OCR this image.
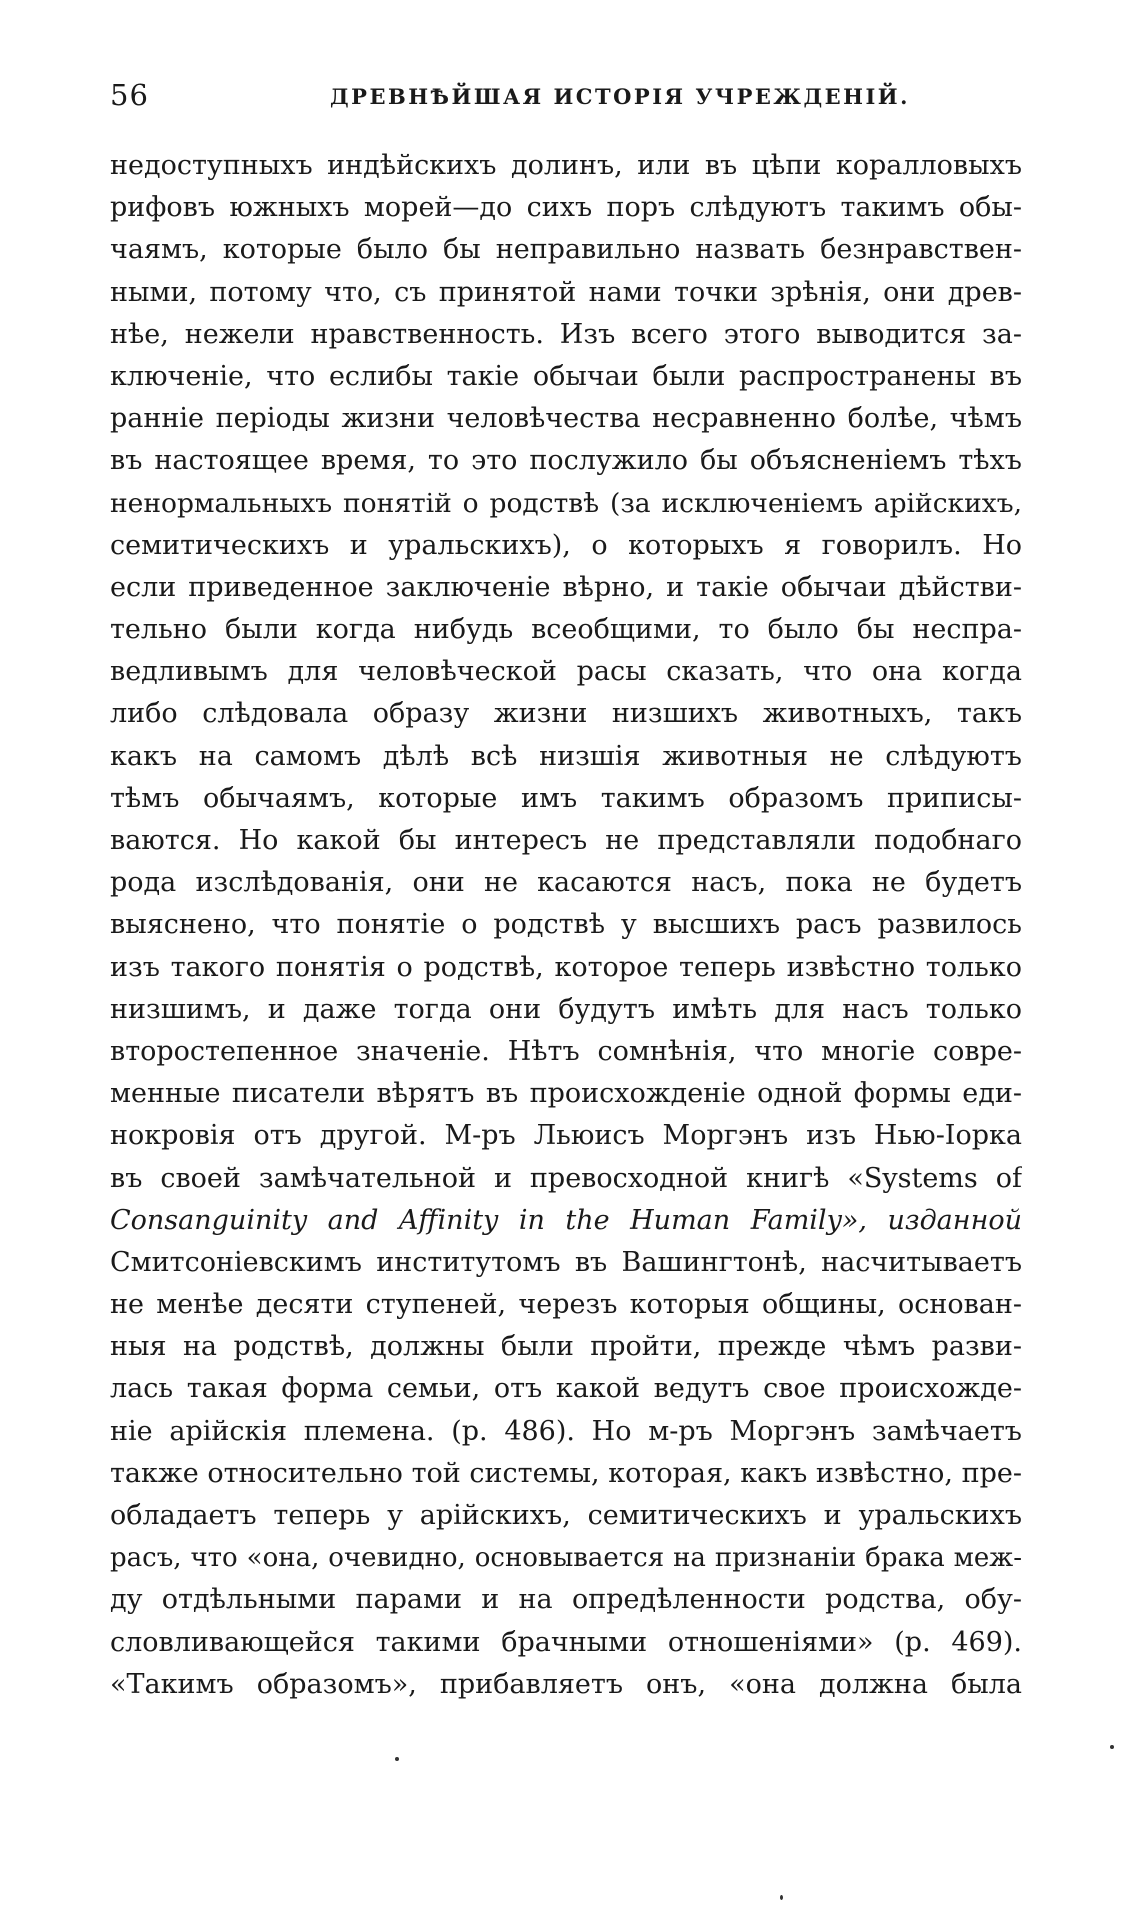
56	ДРЕВНѢЙШАЯ ИСТОРІЯ УЧРЕЖДЕНІЙ.
недоступныхъ индѣйскихъ долинъ, или въ цѣпи коралловыхъ
рифовъ южныхъ морей—до сихъ поръ слѣдуютъ такимъ обы-
чаямъ, которые было бы неправильно назвать безнравствен-
ными, потому что, съ принятой нами точки зрѣнія, они древ-
нѣе, нежели нравственность. Изъ всего этого выводится за-
ключеніе, что еслибы такіе обычаи были распространены въ
ранніе періоды жизни человѣчества несравненно болѣе, чѣмъ
въ настоящее время, то это послужило бы объясненіемъ тѣхъ
ненормальныхъ понятій о родствѣ (за исключеніемъ арійскихъ,
семитическихъ и уральскихъ), о которыхъ я говорилъ. Но
если приведенное заключеніе вѣрно, и такіе обычаи дѣйстви-
тельно были когда нибудь всеобщими, то было бы неспра-
ведливымъ для человѣческой расы сказать, что она когда
либо слѣдовала образу жизни низшихъ животныхъ, такъ
какъ на самомъ дѣлѣ всѣ низшія животныя не слѣдуютъ
тѣмъ обычаямъ, которые имъ такимъ образомъ приписы-
ваются. Но какой бы интересъ не представляли подобнаго
рода изслѣдованія, они не касаются насъ, пока не будетъ
выяснено, что понятіе о родствѣ у высшихъ расъ развилось
изъ такого понятія о родствѣ, которое теперь извѣстно только
низшимъ, и даже тогда они будутъ имѣть для насъ только
второстепенное значеніе. Нѣтъ сомнѣнія, что многіе совре-
менные писатели вѣрятъ въ происхожденіе одной формы еди-
нокровія отъ другой. М-ръ Льюисъ Моргэнъ изъ Нью-Іорка
въ своей замѣчательной и превосходной книгѣ «Systems of
Consanguinity and Affinity in the Human Family», изданной
Смитсоніевскимъ институтомъ въ Вашингтонѣ, насчитываетъ
не менѣе десяти ступеней, черезъ которыя общины, основан-
ныя на родствѣ, должны были пройти, прежде чѣмъ разви-
лась такая форма семьи, отъ какой ведутъ свое происхожде-
ніе арійскія племена. (p. 486). Но м-ръ Моргэнъ замѣчаетъ
также относительно той системы, которая, какъ извѣстно, пре-
обладаетъ теперь у арійскихъ, семитическихъ и уральскихъ
расъ, что «она, очевидно, основывается на признаніи брака меж-
ду отдѣльными парами и на опредѣленности родства, обу-
словливающейся такими брачными отношеніями» (p. 469).
«Такимъ образомъ», прибавляетъ онъ, «она должна была
